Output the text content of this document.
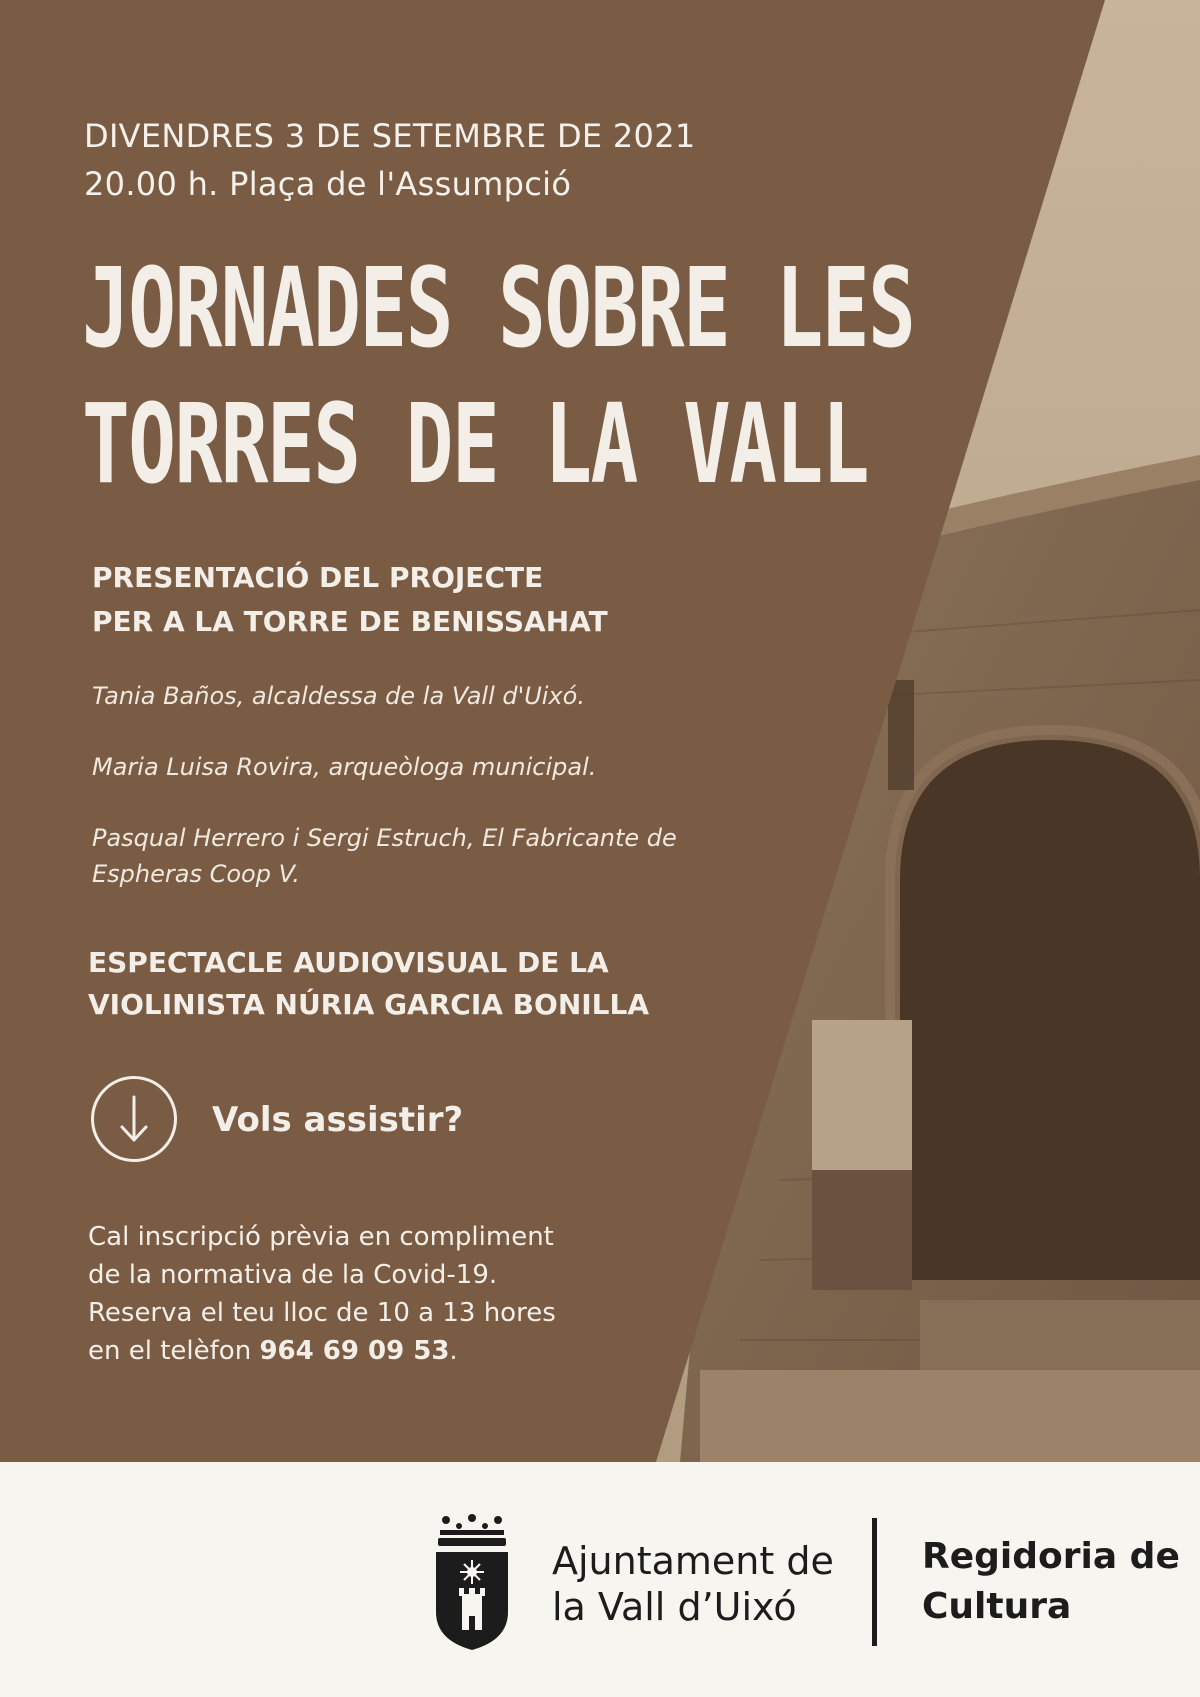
DIVENDRES 3 DE SETEMBRE DE 2021
20.00 h. Plaça de l'Assumpció
JORNADES SOBRE LES
TORRES DE LA VALL
PRESENTACIÓ DEL PROJECTE
PER A LA TORRE DE BENISSAHAT
Tania Baños, alcaldessa de la Vall d'Uixó.
Maria Luisa Rovira, arqueòloga municipal.
Pasqual Herrero i Sergi Estruch, El Fabricante de
Espheras Coop V.
ESPECTACLE AUDIOVISUAL DE LA
VIOLINISTA NÚRIA GARCIA BONILLA
Vols assistir?
Cal inscripció prèvia en compliment
de la normativa de la Covid-19.
Reserva el teu lloc de 10 a 13 hores
en el telèfon 964 69 09 53.
Ajuntament de
la Vall d’Uixó
Regidoria de
Cultura
